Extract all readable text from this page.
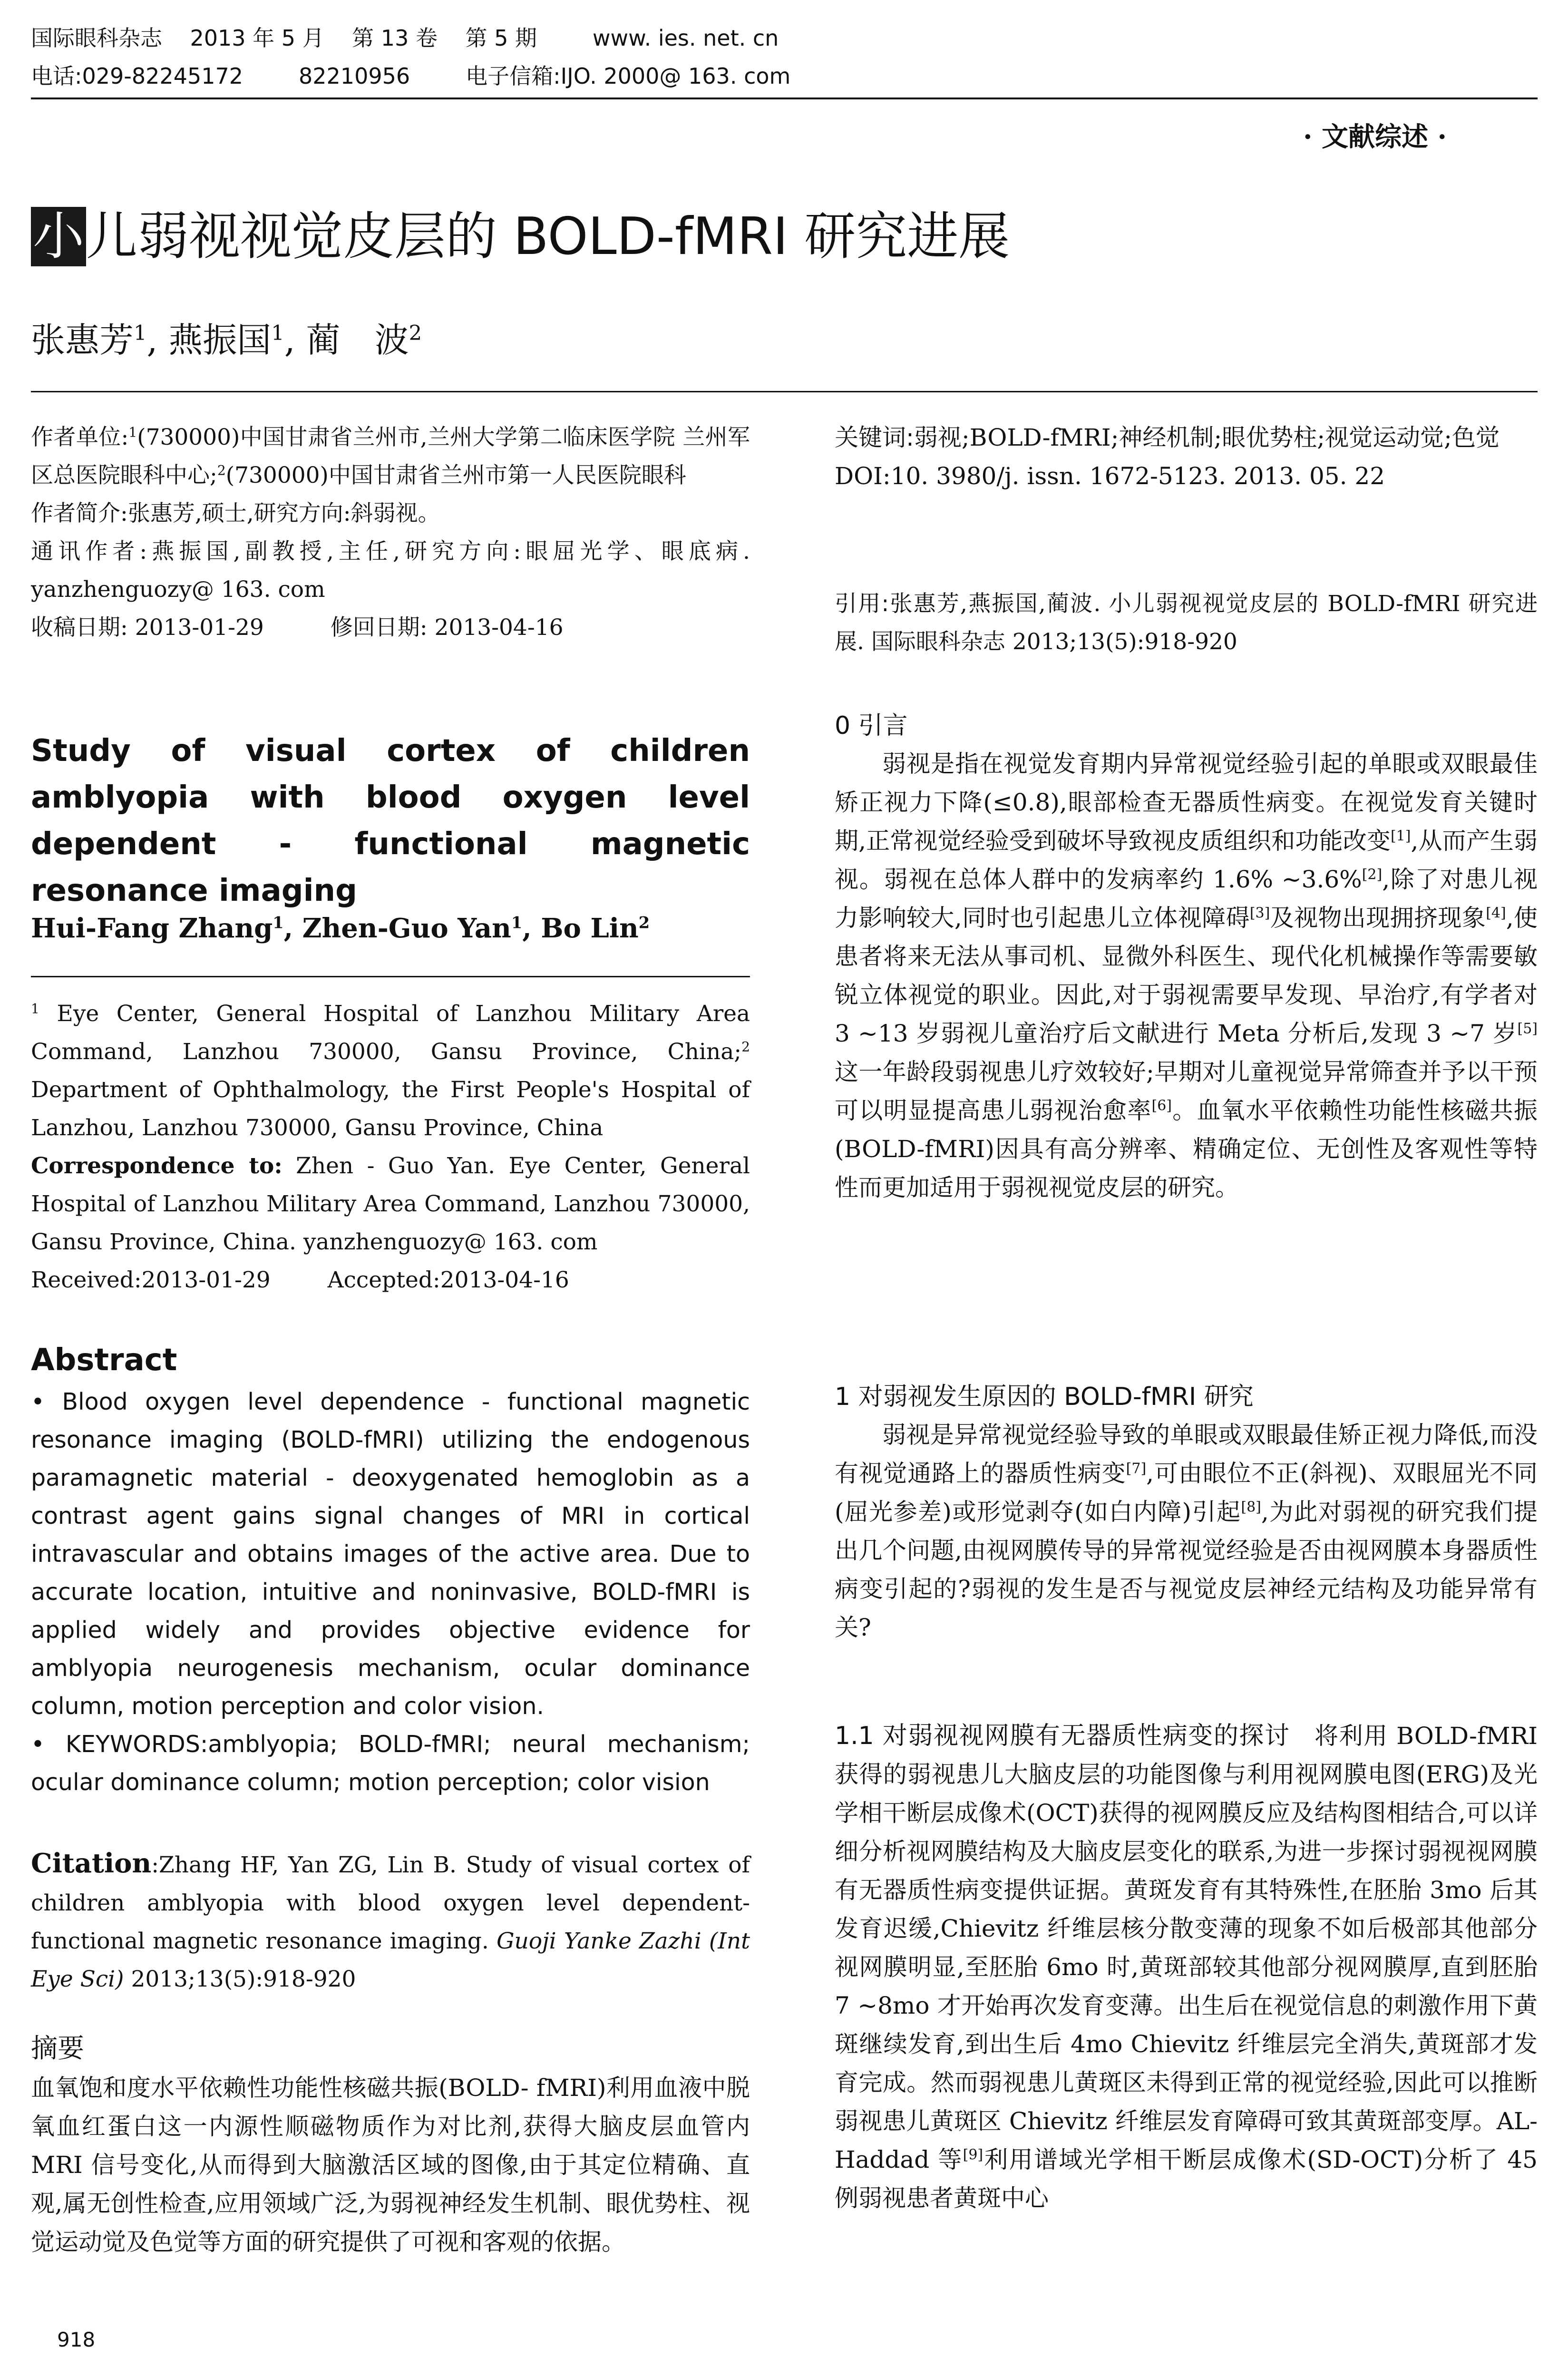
国际眼科杂志    2013 年 5 月    第 13 卷    第 5 期        www. ies. net. cn
电话:029-82245172        82210956        电子信箱:IJO. 2000@ 163. com
· 文献综述 ·
小儿弱视视觉皮层的 BOLD-fMRI 研究进展
张惠芳$^1$, 燕振国$^1$, 蔺　波$^2$

作者单位:$^1$(730000)中国甘肃省兰州市,兰州大学第二临床医学院 兰州军区总医院眼科中心;$^2$(730000)中国甘肃省兰州市第一人民医院眼科

作者简介:张惠芳,硕士,研究方向:斜弱视。

通讯作者:燕振国,副教授,主任,研究方向:眼屈光学、眼底病. yanzhenguozy@ 163. com

收稿日期: 2013-01-29	修回日期: 2013-04-16

Study of visual cortex of children amblyopia with blood oxygen level dependent - functional magnetic resonance imaging
Hui-Fang Zhang$^1$, Zhen-Guo Yan$^1$, Bo Lin$^2$

$^1$ Eye Center, General Hospital of Lanzhou Military Area Command, Lanzhou 730000, Gansu Province, China;$^2$ Department of Ophthalmology, the First People's Hospital of Lanzhou, Lanzhou 730000, Gansu Province, China

Correspondence to: Zhen - Guo Yan. Eye Center, General Hospital of Lanzhou Military Area Command, Lanzhou 730000, Gansu Province, China. yanzhenguozy@ 163. com

Received:2013-01-29	Accepted:2013-04-16

Abstract

• Blood oxygen level dependence - functional magnetic resonance imaging (BOLD-fMRI) utilizing the endogenous paramagnetic material - deoxygenated hemoglobin as a contrast agent gains signal changes of MRI in cortical intravascular and obtains images of the active area. Due to accurate location, intuitive and noninvasive, BOLD-fMRI is applied widely and provides objective evidence for amblyopia neurogenesis mechanism, ocular dominance column, motion perception and color vision.

• KEYWORDS:amblyopia; BOLD-fMRI; neural mechanism; ocular dominance column; motion perception; color vision

Citation:Zhang HF, Yan ZG, Lin B. Study of visual cortex of children amblyopia with blood oxygen level dependent-functional magnetic resonance imaging. Guoji Yanke Zazhi (Int Eye Sci) 2013;13(5):918-920

摘要

血氧饱和度水平依赖性功能性核磁共振(BOLD- fMRI)利用血液中脱氧血红蛋白这一内源性顺磁物质作为对比剂,获得大脑皮层血管内 MRI 信号变化,从而得到大脑激活区域的图像,由于其定位精确、直观,属无创性检查,应用领域广泛,为弱视神经发生机制、眼优势柱、视觉运动觉及色觉等方面的研究提供了可视和客观的依据。

918

关键词:弱视;BOLD-fMRI;神经机制;眼优势柱;视觉运动觉;色觉

DOI:10. 3980/j. issn. 1672-5123. 2013. 05. 22

引用:张惠芳,燕振国,蔺波. 小儿弱视视觉皮层的 BOLD-fMRI 研究进展. 国际眼科杂志 2013;13(5):918-920

0 引言

弱视是指在视觉发育期内异常视觉经验引起的单眼或双眼最佳矫正视力下降(≤0.8),眼部检查无器质性病变。在视觉发育关键时期,正常视觉经验受到破坏导致视皮质组织和功能改变[1],从而产生弱视。弱视在总体人群中的发病率约 1.6% ~3.6%[2],除了对患儿视力影响较大,同时也引起患儿立体视障碍[3]及视物出现拥挤现象[4],使患者将来无法从事司机、显微外科医生、现代化机械操作等需要敏锐立体视觉的职业。因此,对于弱视需要早发现、早治疗,有学者对 3 ~13 岁弱视儿童治疗后文献进行 Meta 分析后,发现 3 ~7 岁[5]这一年龄段弱视患儿疗效较好;早期对儿童视觉异常筛查并予以干预可以明显提高患儿弱视治愈率[6]。血氧水平依赖性功能性核磁共振(BOLD-fMRI)因具有高分辨率、精确定位、无创性及客观性等特性而更加适用于弱视视觉皮层的研究。

1 对弱视发生原因的 BOLD-fMRI 研究

弱视是异常视觉经验导致的单眼或双眼最佳矫正视力降低,而没有视觉通路上的器质性病变[7],可由眼位不正(斜视)、双眼屈光不同(屈光参差)或形觉剥夺(如白内障)引起[8],为此对弱视的研究我们提出几个问题,由视网膜传导的异常视觉经验是否由视网膜本身器质性病变引起的?弱视的发生是否与视觉皮层神经元结构及功能异常有关?

1.1 对弱视视网膜有无器质性病变的探讨　将利用 BOLD-fMRI 获得的弱视患儿大脑皮层的功能图像与利用视网膜电图(ERG)及光学相干断层成像术(OCT)获得的视网膜反应及结构图相结合,可以详细分析视网膜结构及大脑皮层变化的联系,为进一步探讨弱视视网膜有无器质性病变提供证据。黄斑发育有其特殊性,在胚胎 3mo 后其发育迟缓,Chievitz 纤维层核分散变薄的现象不如后极部其他部分视网膜明显,至胚胎 6mo 时,黄斑部较其他部分视网膜厚,直到胚胎 7 ~8mo 才开始再次发育变薄。出生后在视觉信息的刺激作用下黄斑继续发育,到出生后 4mo Chievitz 纤维层完全消失,黄斑部才发育完成。然而弱视患儿黄斑区未得到正常的视觉经验,因此可以推断弱视患儿黄斑区 Chievitz 纤维层发育障碍可致其黄斑部变厚。AL-Haddad 等[9]利用谱域光学相干断层成像术(SD-OCT)分析了 45 例弱视患者黄斑中心
